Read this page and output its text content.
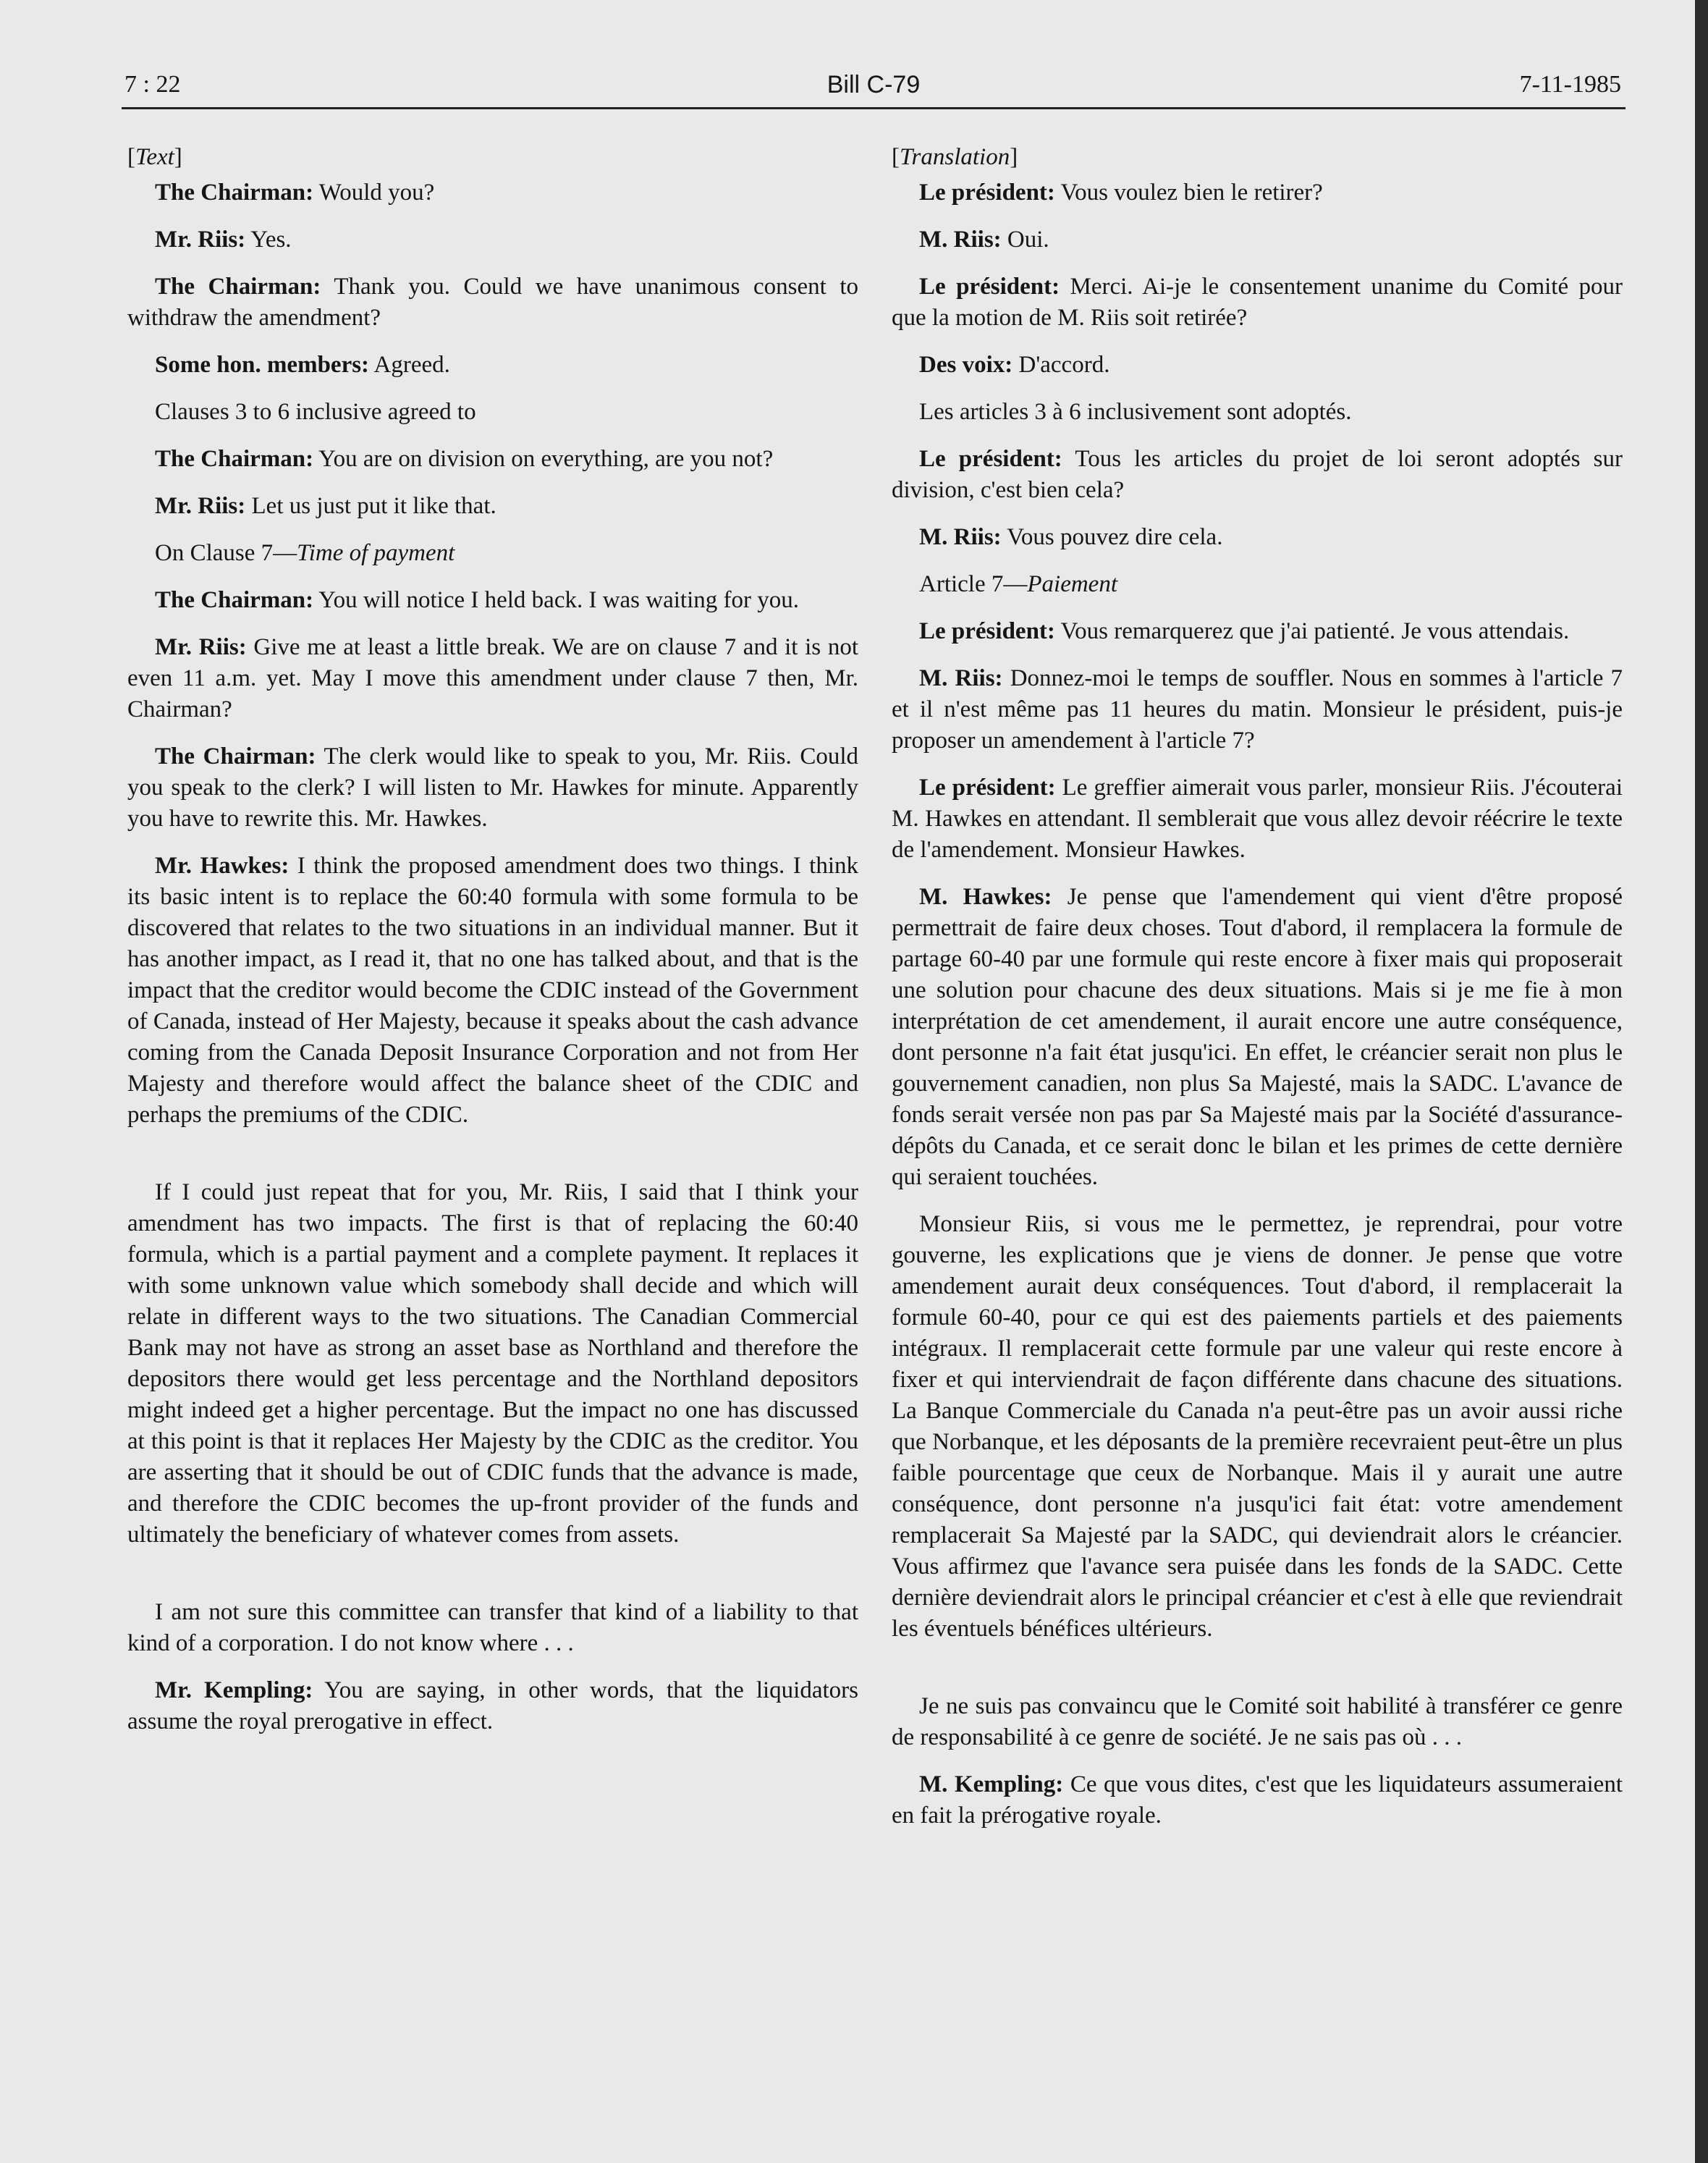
7 : 22	Bill C-79	7-11-1985

[Text]

The Chairman: Would you?

Mr. Riis: Yes.

The Chairman: Thank you. Could we have unanimous consent to withdraw the amendment?

Some hon. members: Agreed.

Clauses 3 to 6 inclusive agreed to

The Chairman: You are on division on everything, are you not?

Mr. Riis: Let us just put it like that.

On Clause 7—Time of payment

The Chairman: You will notice I held back. I was waiting for you.

Mr. Riis: Give me at least a little break. We are on clause 7 and it is not even 11 a.m. yet. May I move this amendment under clause 7 then, Mr. Chairman?

The Chairman: The clerk would like to speak to you, Mr. Riis. Could you speak to the clerk? I will listen to Mr. Hawkes for minute. Apparently you have to rewrite this. Mr. Hawkes.

Mr. Hawkes: I think the proposed amendment does two things. I think its basic intent is to replace the 60:40 formula with some formula to be discovered that relates to the two situations in an individual manner. But it has another impact, as I read it, that no one has talked about, and that is the impact that the creditor would become the CDIC instead of the Government of Canada, instead of Her Majesty, because it speaks about the cash advance coming from the Canada Deposit Insurance Corporation and not from Her Majesty and therefore would affect the balance sheet of the CDIC and perhaps the premiums of the CDIC.

If I could just repeat that for you, Mr. Riis, I said that I think your amendment has two impacts. The first is that of replacing the 60:40 formula, which is a partial payment and a complete payment. It replaces it with some unknown value which somebody shall decide and which will relate in different ways to the two situations. The Canadian Commercial Bank may not have as strong an asset base as Northland and therefore the depositors there would get less percentage and the Northland depositors might indeed get a higher percentage. But the impact no one has discussed at this point is that it replaces Her Majesty by the CDIC as the creditor. You are asserting that it should be out of CDIC funds that the advance is made, and therefore the CDIC becomes the up-front provider of the funds and ultimately the beneficiary of whatever comes from assets.

I am not sure this committee can transfer that kind of a liability to that kind of a corporation. I do not know where . . .

Mr. Kempling: You are saying, in other words, that the liquidators assume the royal prerogative in effect.

[Translation]

Le président: Vous voulez bien le retirer?

M. Riis: Oui.

Le président: Merci. Ai-je le consentement unanime du Comité pour que la motion de M. Riis soit retirée?

Des voix: D'accord.

Les articles 3 à 6 inclusivement sont adoptés.

Le président: Tous les articles du projet de loi seront adoptés sur division, c'est bien cela?

M. Riis: Vous pouvez dire cela.

Article 7—Paiement

Le président: Vous remarquerez que j'ai patienté. Je vous attendais.

M. Riis: Donnez-moi le temps de souffler. Nous en sommes à l'article 7 et il n'est même pas 11 heures du matin. Monsieur le président, puis-je proposer un amendement à l'article 7?

Le président: Le greffier aimerait vous parler, monsieur Riis. J'écouterai M. Hawkes en attendant. Il semblerait que vous allez devoir réécrire le texte de l'amendement. Monsieur Hawkes.

M. Hawkes: Je pense que l'amendement qui vient d'être proposé permettrait de faire deux choses. Tout d'abord, il remplacera la formule de partage 60-40 par une formule qui reste encore à fixer mais qui proposerait une solution pour chacune des deux situations. Mais si je me fie à mon interprétation de cet amendement, il aurait encore une autre conséquence, dont personne n'a fait état jusqu'ici. En effet, le créancier serait non plus le gouvernement canadien, non plus Sa Majesté, mais la SADC. L'avance de fonds serait versée non pas par Sa Majesté mais par la Société d'assurance-dépôts du Canada, et ce serait donc le bilan et les primes de cette dernière qui seraient touchées.

Monsieur Riis, si vous me le permettez, je reprendrai, pour votre gouverne, les explications que je viens de donner. Je pense que votre amendement aurait deux conséquences. Tout d'abord, il remplacerait la formule 60-40, pour ce qui est des paiements partiels et des paiements intégraux. Il remplacerait cette formule par une valeur qui reste encore à fixer et qui interviendrait de façon différente dans chacune des situations. La Banque Commerciale du Canada n'a peut-être pas un avoir aussi riche que Norbanque, et les déposants de la première recevraient peut-être un plus faible pourcentage que ceux de Norbanque. Mais il y aurait une autre conséquence, dont personne n'a jusqu'ici fait état: votre amendement remplacerait Sa Majesté par la SADC, qui deviendrait alors le créancier. Vous affirmez que l'avance sera puisée dans les fonds de la SADC. Cette dernière deviendrait alors le principal créancier et c'est à elle que reviendrait les éventuels bénéfices ultérieurs.

Je ne suis pas convaincu que le Comité soit habilité à transférer ce genre de responsabilité à ce genre de société. Je ne sais pas où . . .

M. Kempling: Ce que vous dites, c'est que les liquidateurs assumeraient en fait la prérogative royale.
